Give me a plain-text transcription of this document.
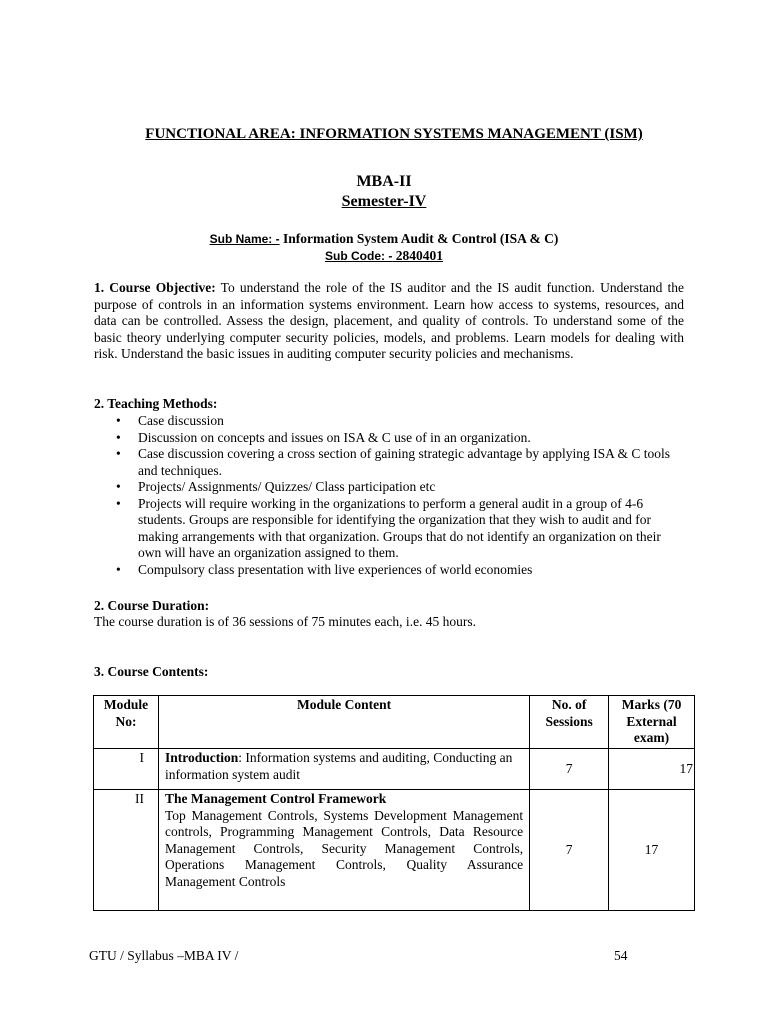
FUNCTIONAL AREA: INFORMATION SYSTEMS MANAGEMENT (ISM)
MBA-II
Semester-IV
Sub Name: - Information System Audit & Control (ISA & C)
Sub Code: - 2840401
1. Course Objective: To understand the role of the IS auditor and the IS audit function. Understand the purpose of controls in an information systems environment. Learn how access to systems, resources, and data can be controlled. Assess the design, placement, and quality of controls. To understand some of the basic theory underlying computer security policies, models, and problems. Learn models for dealing with risk. Understand the basic issues in auditing computer security policies and mechanisms.
2. Teaching Methods:
• Case discussion
• Discussion on concepts and issues on ISA & C use of in an organization.
• Case discussion covering a cross section of gaining strategic advantage by applying ISA & C tools and techniques.
• Projects/ Assignments/ Quizzes/ Class participation etc
• Projects will require working in the organizations to perform a general audit in a group of 4-6 students. Groups are responsible for identifying the organization that they wish to audit and for making arrangements with that organization. Groups that do not identify an organization on their own will have an organization assigned to them.
• Compulsory class presentation with live experiences of world economies
2. Course Duration:
The course duration is of 36 sessions of 75 minutes each, i.e. 45 hours.
3. Course Contents:
Module No:	Module Content	No. of Sessions	Marks (70 External exam)
I	Introduction: Information systems and auditing, Conducting an information system audit	7	17
II	The Management Control Framework
Top Management Controls, Systems Development Management controls, Programming Management Controls, Data Resource Management Controls, Security Management Controls, Operations Management Controls, Quality Assurance Management Controls	7	17
GTU / Syllabus –MBA IV /	54
